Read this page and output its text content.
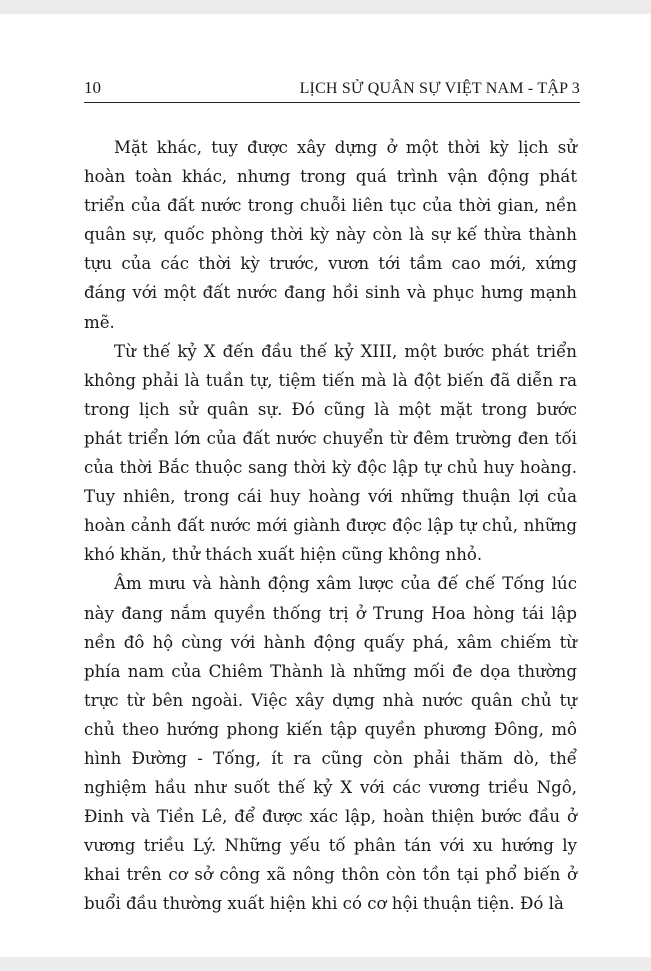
10	LỊCH SỬ QUÂN SỰ VIỆT NAM - TẬP 3

Mặt khác, tuy được xây dựng ở một thời kỳ lịch sử hoàn toàn khác, nhưng trong quá trình vận động phát triển của đất nước trong chuỗi liên tục của thời gian, nền quân sự, quốc phòng thời kỳ này còn là sự kế thừa thành tựu của các thời kỳ trước, vươn tới tầm cao mới, xứng đáng với một đất nước đang hồi sinh và phục hưng mạnh mẽ.

Từ thế kỷ X đến đầu thế kỷ XIII, một bước phát triển không phải là tuần tự, tiệm tiến mà là đột biến đã diễn ra trong lịch sử quân sự. Đó cũng là một mặt trong bước phát triển lớn của đất nước chuyển từ đêm trường đen tối của thời Bắc thuộc sang thời kỳ độc lập tự chủ huy hoàng. Tuy nhiên, trong cái huy hoàng với những thuận lợi của hoàn cảnh đất nước mới giành được độc lập tự chủ, những khó khăn, thử thách xuất hiện cũng không nhỏ.

Âm mưu và hành động xâm lược của đế chế Tống lúc này đang nắm quyền thống trị ở Trung Hoa hòng tái lập nền đô hộ cùng với hành động quấy phá, xâm chiếm từ phía nam của Chiêm Thành là những mối đe dọa thường trực từ bên ngoài. Việc xây dựng nhà nước quân chủ tự chủ theo hướng phong kiến tập quyền phương Đông, mô hình Đường - Tống, ít ra cũng còn phải thăm dò, thể nghiệm hầu như suốt thế kỷ X với các vương triều Ngô, Đinh và Tiền Lê, để được xác lập, hoàn thiện bước đầu ở vương triều Lý. Những yếu tố phân tán với xu hướng ly khai trên cơ sở công xã nông thôn còn tồn tại phổ biến ở buổi đầu thường xuất hiện khi có cơ hội thuận tiện. Đó là
